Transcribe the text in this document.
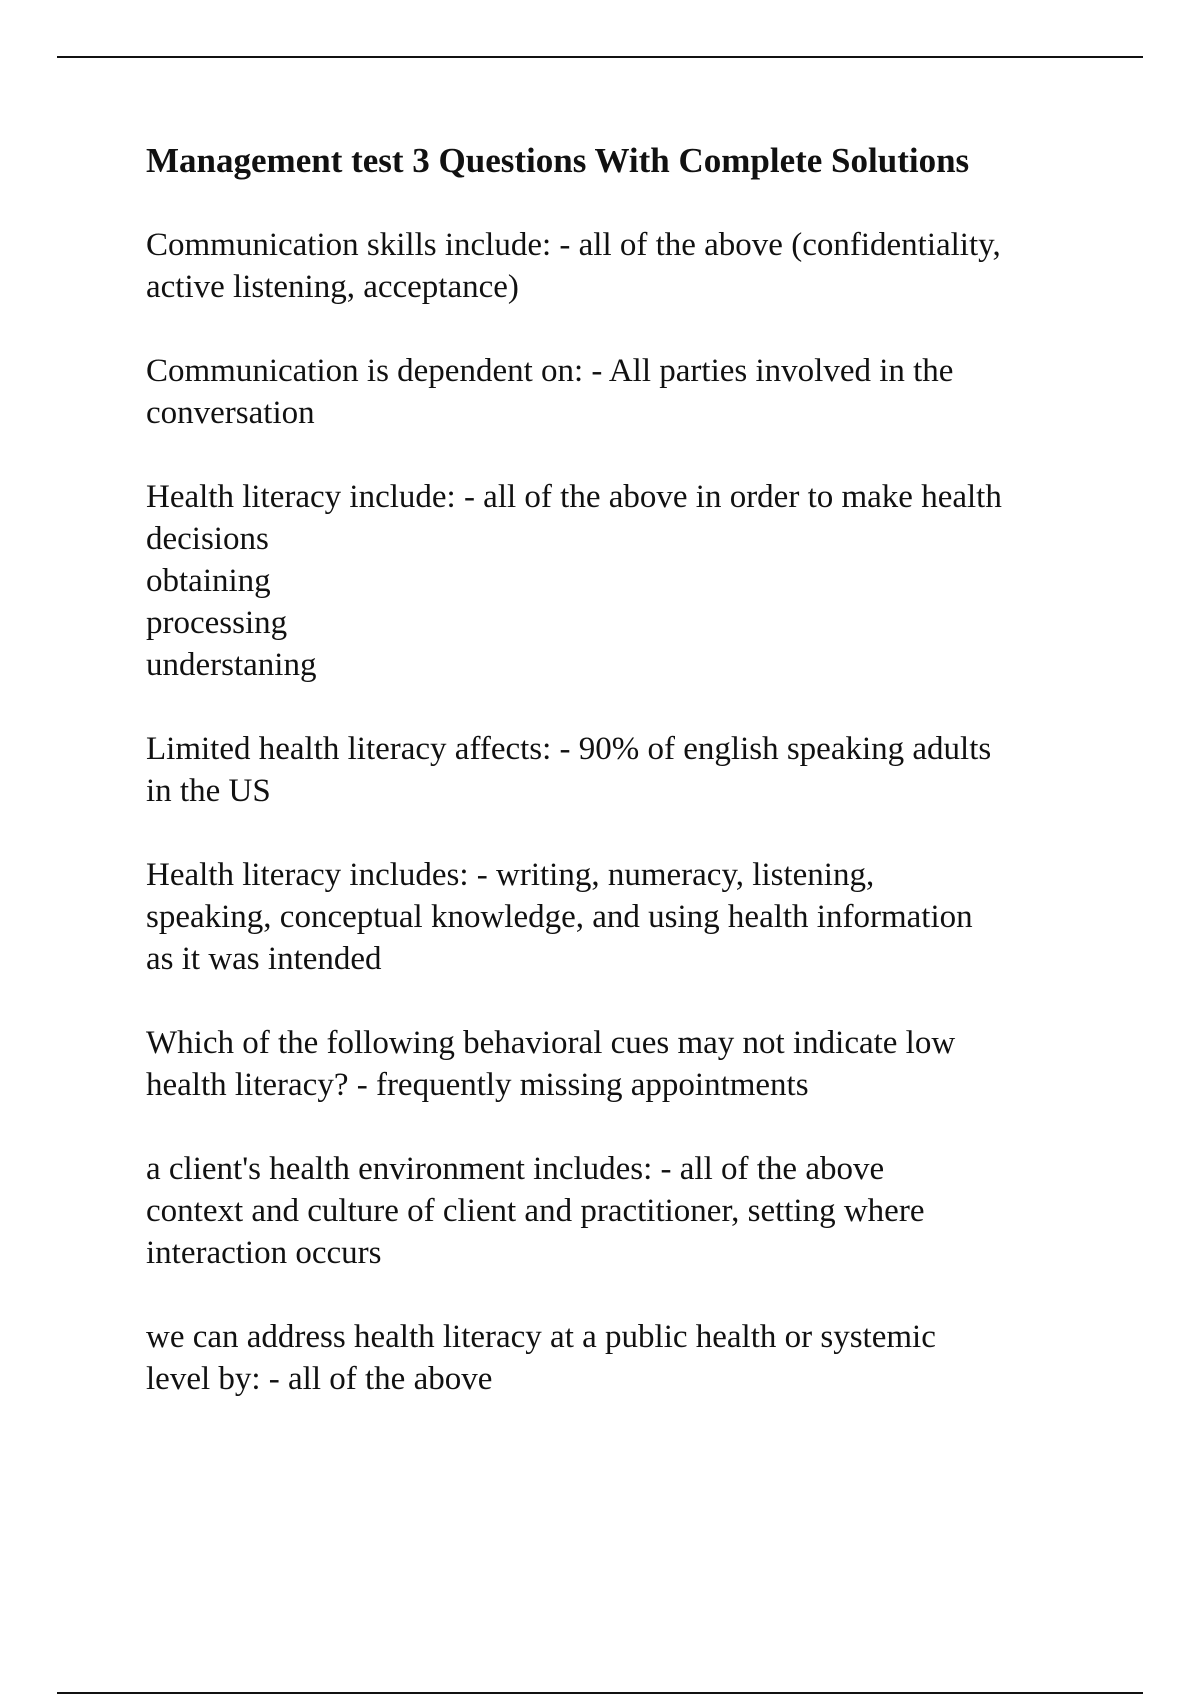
Management test 3 Questions With Complete Solutions
Communication skills include: - all of the above (confidentiality,
active listening, acceptance)
Communication is dependent on: - All parties involved in the
conversation
Health literacy include: - all of the above in order to make health
decisions
obtaining
processing
understaning
Limited health literacy affects: - 90% of english speaking adults
in the US
Health literacy includes: - writing, numeracy, listening,
speaking, conceptual knowledge, and using health information
as it was intended
Which of the following behavioral cues may not indicate low
health literacy? - frequently missing appointments
a client's health environment includes: - all of the above
context and culture of client and practitioner, setting where
interaction occurs
we can address health literacy at a public health or systemic
level by: - all of the above
